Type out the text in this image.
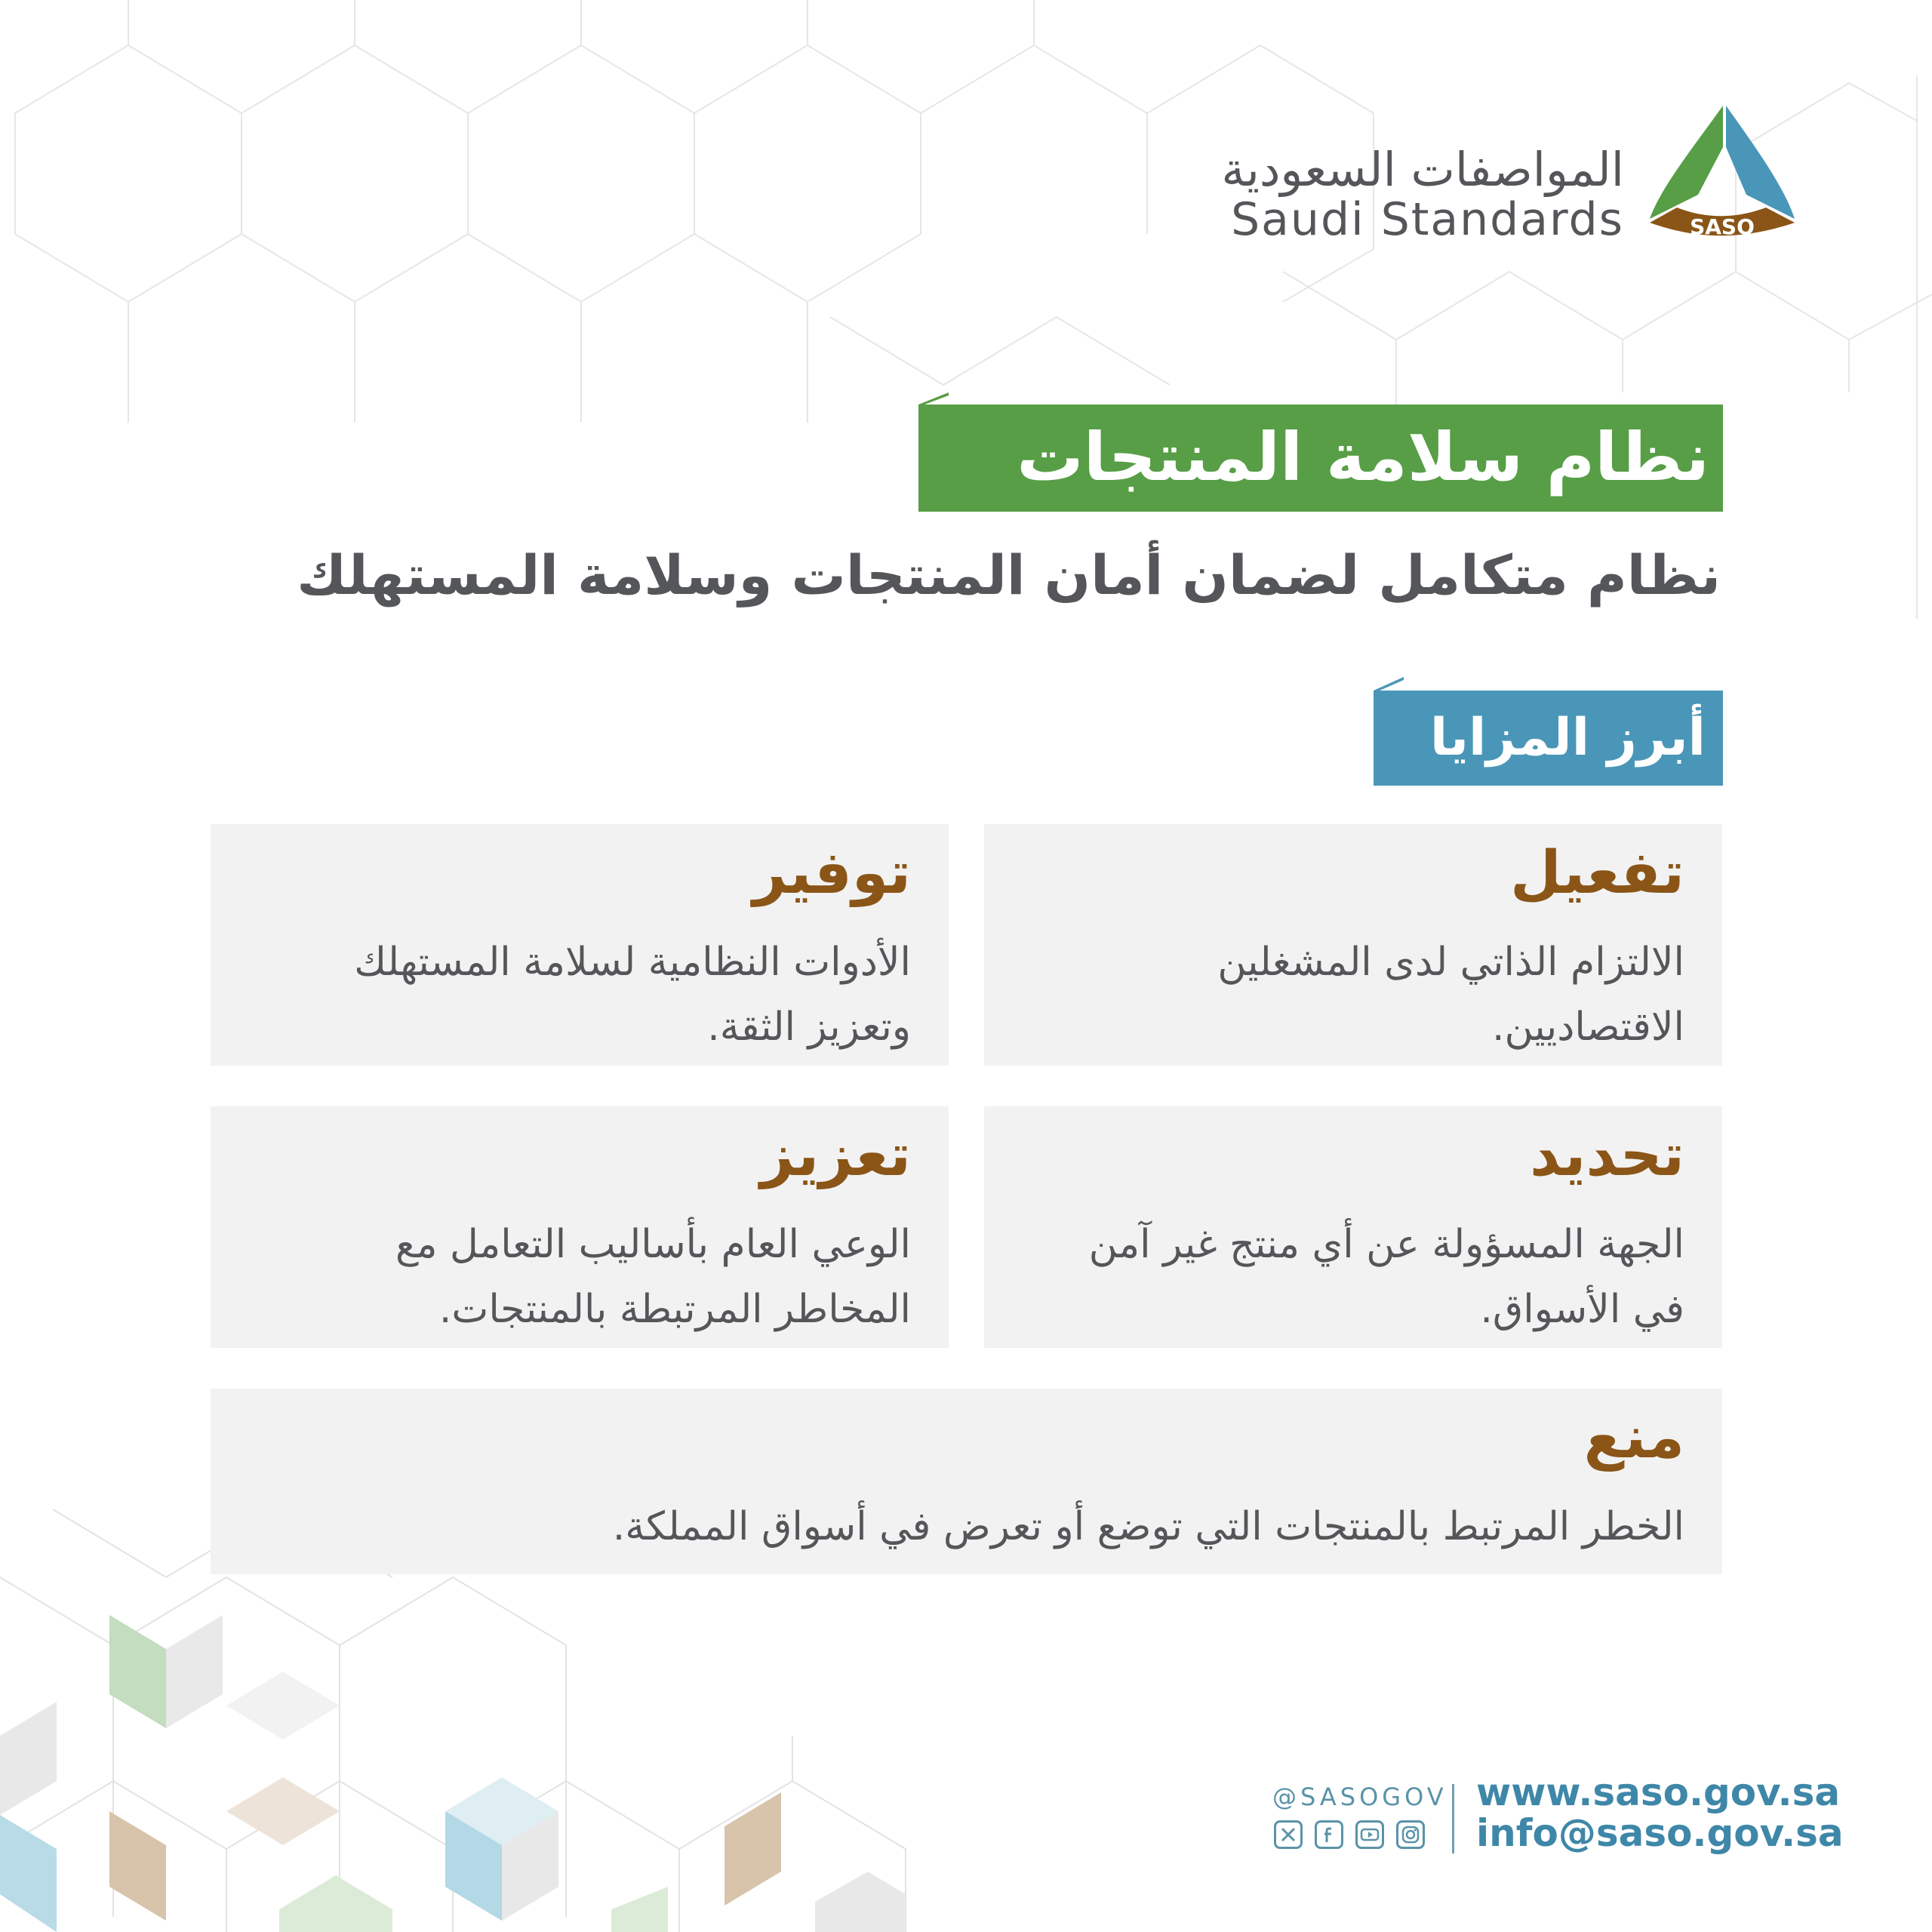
المواصفات السعودية
Saudi Standards	SASO
نظام سلامة المنتجات
نظام متكامل لضمان أمان المنتجات وسلامة المستهلك
أبرز المزايا
تفعيل
الالتزام الذاتي لدى المشغلين
الاقتصاديين.
توفير
الأدوات النظامية لسلامة المستهلك
وتعزيز الثقة.
تحديد
الجهة المسؤولة عن أي منتج غير آمن
في الأسواق.
تعزيز
الوعي العام بأساليب التعامل مع
المخاطر المرتبطة بالمنتجات.
منع
الخطر المرتبط بالمنتجات التي توضع أو تعرض في أسواق المملكة.
@SASOGOV www.saso.gov.sa
info@saso.gov.sa
